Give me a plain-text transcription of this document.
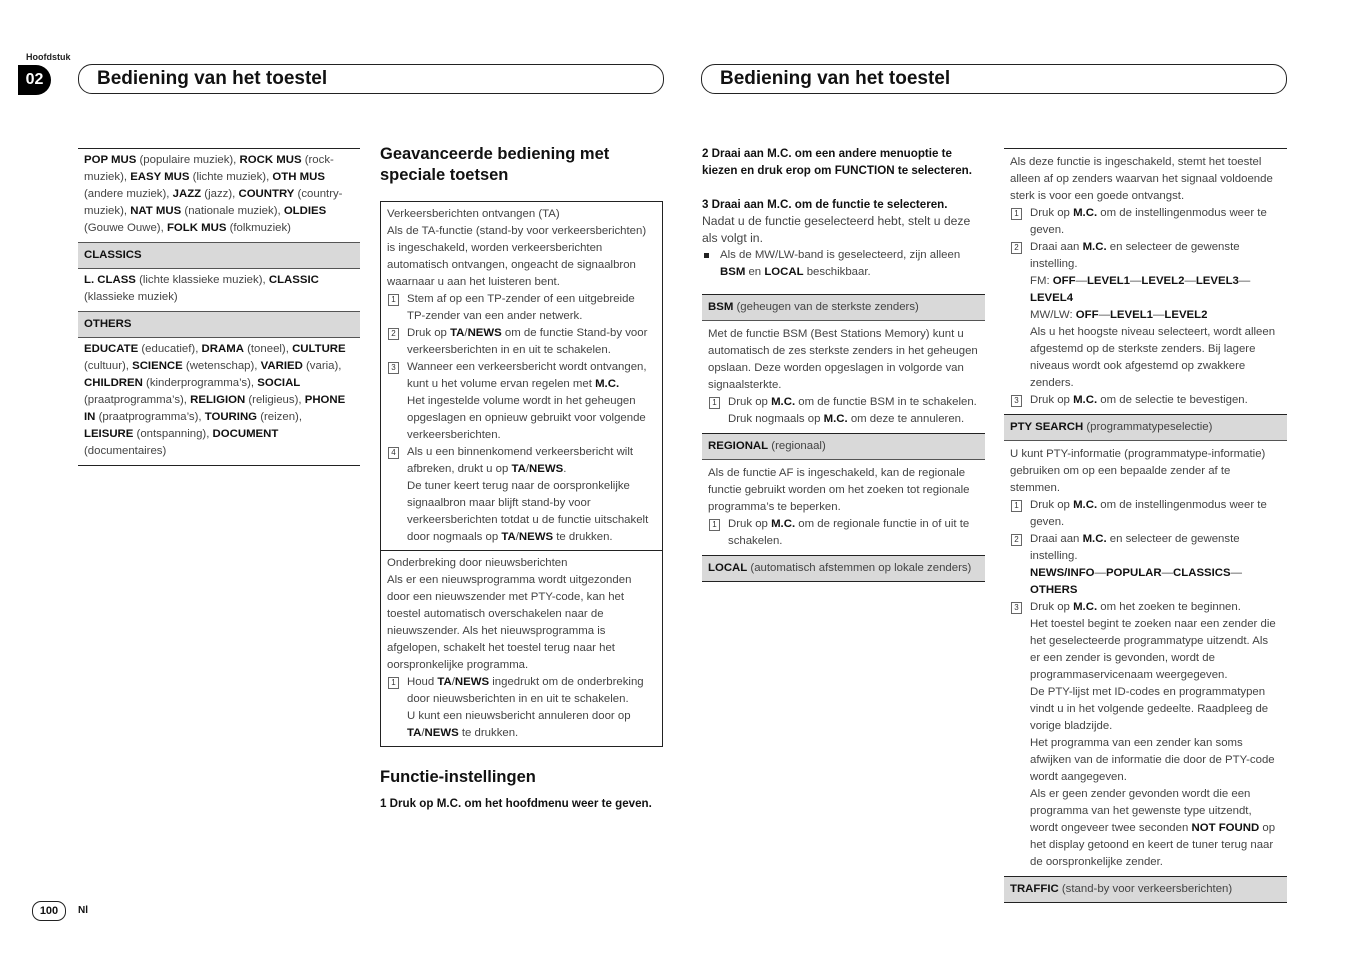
Hoofdstuk
02	Bediening van het toestel	Bediening van het toestel
POP MUS (populaire muziek), ROCK MUS (rock-muziek), EASY MUS (lichte muziek), OTH MUS (andere muziek), JAZZ (jazz), COUNTRY (country-muziek), NAT MUS (nationale muziek), OLDIES (Gouwe Ouwe), FOLK MUS (folkmuziek)
CLASSICS
L. CLASS (lichte klassieke muziek), CLASSIC (klassieke muziek)
OTHERS
EDUCATE (educatief), DRAMA (toneel), CULTURE (cultuur), SCIENCE (wetenschap), VARIED (varia), CHILDREN (kinderprogramma’s), SOCIAL (praatprogramma’s), RELIGION (religieus), PHONE IN (praatprogramma’s), TOURING (reizen), LEISURE (ontspanning), DOCUMENT (documentaires)
Geavanceerde bediening met speciale toetsen
Verkeersberichten ontvangen (TA)
Als de TA-functie (stand-by voor verkeersberichten) is ingeschakeld, worden verkeersberichten automatisch ontvangen, ongeacht de signaalbron waarnaar u aan het luisteren bent.
1 Stem af op een TP-zender of een uitgebreide TP-zender van een ander netwerk.
2 Druk op TA/NEWS om de functie Stand-by voor verkeersberichten in en uit te schakelen.
3 Wanneer een verkeersbericht wordt ontvangen, kunt u het volume ervan regelen met M.C.
Het ingestelde volume wordt in het geheugen opgeslagen en opnieuw gebruikt voor volgende verkeersberichten.
4 Als u een binnenkomend verkeersbericht wilt afbreken, drukt u op TA/NEWS.
De tuner keert terug naar de oorspronkelijke signaalbron maar blijft stand-by voor verkeersberichten totdat u de functie uitschakelt door nogmaals op TA/NEWS te drukken.
Onderbreking door nieuwsberichten
Als er een nieuwsprogramma wordt uitgezonden door een nieuwszender met PTY-code, kan het toestel automatisch overschakelen naar de nieuwszender. Als het nieuwsprogramma is afgelopen, schakelt het toestel terug naar het oorspronkelijke programma.
1 Houd TA/NEWS ingedrukt om de onderbreking door nieuwsberichten in en uit te schakelen.
U kunt een nieuwsbericht annuleren door op TA/NEWS te drukken.
Functie-instellingen
1 Druk op M.C. om het hoofdmenu weer te geven.
2 Draai aan M.C. om een andere menuoptie te kiezen en druk erop om FUNCTION te selecteren.
3 Draai aan M.C. om de functie te selecteren.
Nadat u de functie geselecteerd hebt, stelt u deze als volgt in.
Als de MW/LW-band is geselecteerd, zijn alleen BSM en LOCAL beschikbaar.
BSM (geheugen van de sterkste zenders)
Met de functie BSM (Best Stations Memory) kunt u automatisch de zes sterkste zenders in het geheugen opslaan. Deze worden opgeslagen in volgorde van signaalsterkte.
1 Druk op M.C. om de functie BSM in te schakelen.
Druk nogmaals op M.C. om deze te annuleren.
REGIONAL (regionaal)
Als de functie AF is ingeschakeld, kan de regionale functie gebruikt worden om het zoeken tot regionale programma’s te beperken.
1 Druk op M.C. om de regionale functie in of uit te schakelen.
LOCAL (automatisch afstemmen op lokale zenders)
Als deze functie is ingeschakeld, stemt het toestel alleen af op zenders waarvan het signaal voldoende sterk is voor een goede ontvangst.
1 Druk op M.C. om de instellingenmodus weer te geven.
2 Draai aan M.C. en selecteer de gewenste instelling.
FM: OFF—LEVEL1—LEVEL2—LEVEL3—LEVEL4
MW/LW: OFF—LEVEL1—LEVEL2
Als u het hoogste niveau selecteert, wordt alleen afgestemd op de sterkste zenders. Bij lagere niveaus wordt ook afgestemd op zwakkere zenders.
3 Druk op M.C. om de selectie te bevestigen.
PTY SEARCH (programmatypeselectie)
U kunt PTY-informatie (programmatype-informatie) gebruiken om op een bepaalde zender af te stemmen.
1 Druk op M.C. om de instellingenmodus weer te geven.
2 Draai aan M.C. en selecteer de gewenste instelling.
NEWS/INFO—POPULAR—CLASSICS—OTHERS
3 Druk op M.C. om het zoeken te beginnen.
Het toestel begint te zoeken naar een zender die het geselecteerde programmatype uitzendt. Als er een zender is gevonden, wordt de programmaservicenaam weergegeven.
De PTY-lijst met ID-codes en programmatypen vindt u in het volgende gedeelte. Raadpleeg de vorige bladzijde.
Het programma van een zender kan soms afwijken van de informatie die door de PTY-code wordt aangegeven.
Als er geen zender gevonden wordt die een programma van het gewenste type uitzendt, wordt ongeveer twee seconden NOT FOUND op het display getoond en keert de tuner terug naar de oorspronkelijke zender.
TRAFFIC (stand-by voor verkeersberichten)
100	Nl
